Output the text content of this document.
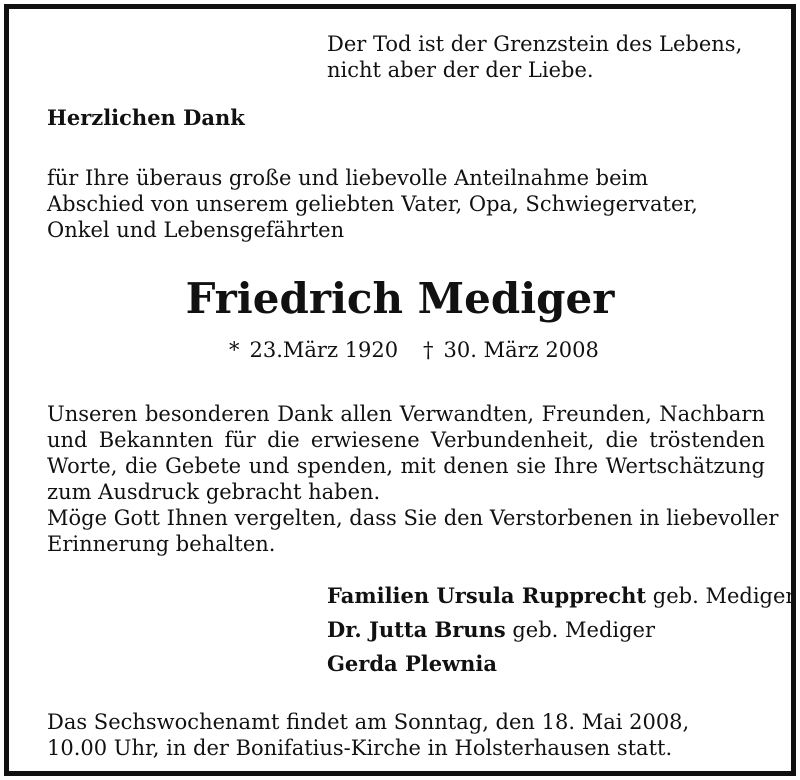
Der Tod ist der Grenzstein des Lebens,
nicht aber der der Liebe.
Herzlichen Dank
für Ihre überaus große und liebevolle Anteilnahme beim
Abschied von unserem geliebten Vater, Opa, Schwiegervater,
Onkel und Lebensgefährten
Friedrich Mediger
* 23.März 1920 † 30. März 2008
Unseren besonderen Dank allen Verwandten, Freunden, Nachbarn
und Bekannten für die erwiesene Verbundenheit, die tröstenden
Worte, die Gebete und spenden, mit denen sie Ihre Wertschätzung
zum Ausdruck gebracht haben.
Möge Gott Ihnen vergelten, dass Sie den Verstorbenen in liebevoller
Erinnerung behalten.
Familien Ursula Rupprecht geb. Mediger
Dr. Jutta Bruns geb. Mediger
Gerda Plewnia
Das Sechswochenamt findet am Sonntag, den 18. Mai 2008,
10.00 Uhr, in der Bonifatius-Kirche in Holsterhausen statt.
